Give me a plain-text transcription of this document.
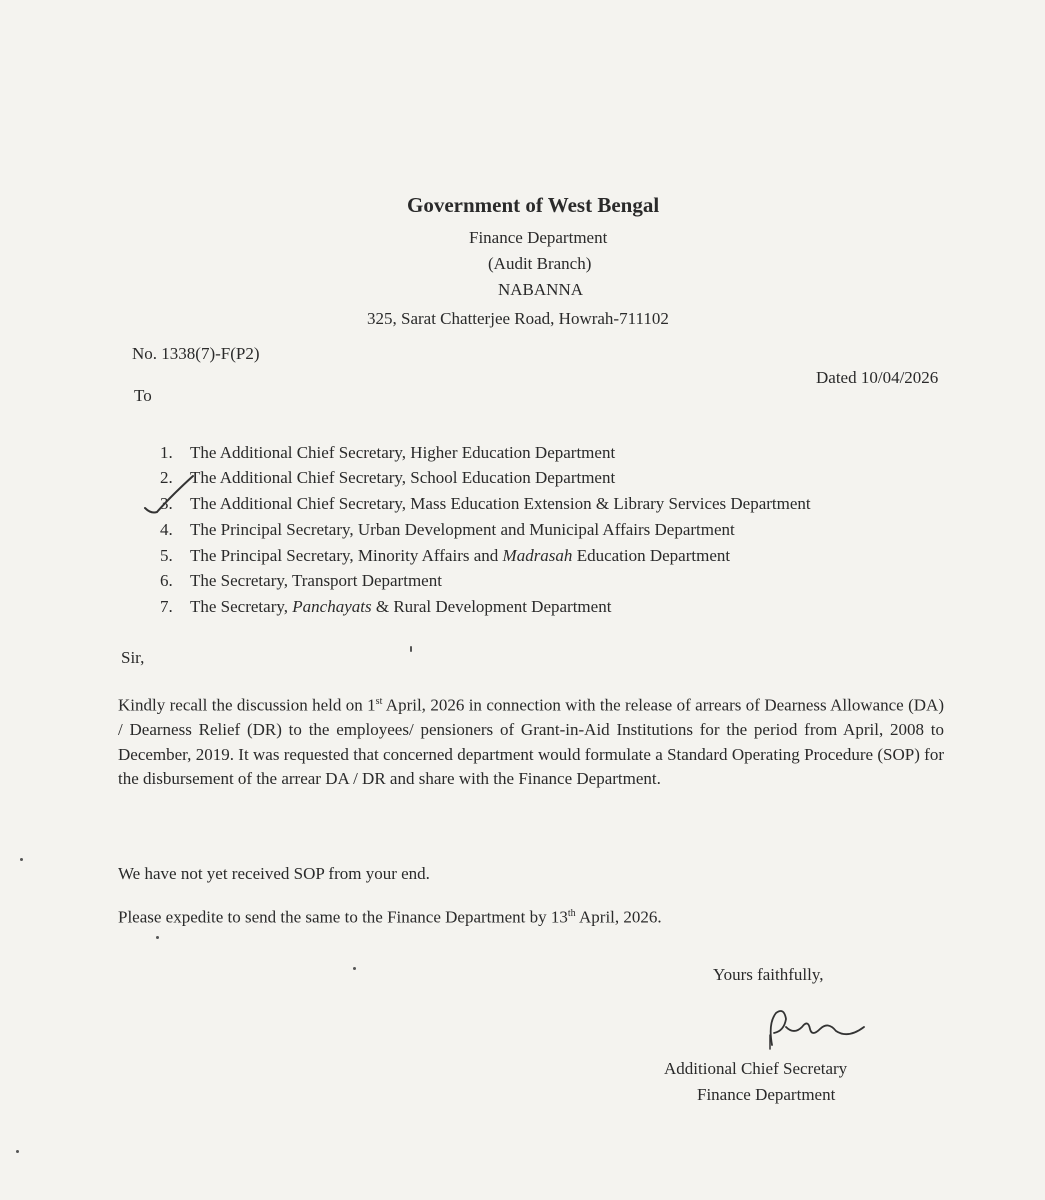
Government of West Bengal
Finance Department
(Audit Branch)
NABANNA
325, Sarat Chatterjee Road, Howrah-711102
No. 1338(7)-F(P2)
Dated 10/04/2026
To
1. The Additional Chief Secretary, Higher Education Department
2. The Additional Chief Secretary, School Education Department
3. The Additional Chief Secretary, Mass Education Extension & Library Services Department
4. The Principal Secretary, Urban Development and Municipal Affairs Department
5. The Principal Secretary, Minority Affairs and Madrasah Education Department
6. The Secretary, Transport Department
7. The Secretary, Panchayats & Rural Development Department
Sir,
Kindly recall the discussion held on 1st April, 2026 in connection with the release of arrears of Dearness Allowance (DA) / Dearness Relief (DR) to the employees/ pensioners of Grant-in-Aid Institutions for the period from April, 2008 to December, 2019. It was requested that concerned department would formulate a Standard Operating Procedure (SOP) for the disbursement of the arrear DA / DR and share with the Finance Department.
We have not yet received SOP from your end.
Please expedite to send the same to the Finance Department by 13th April, 2026.
Yours faithfully,
Additional Chief Secretary
Finance Department
